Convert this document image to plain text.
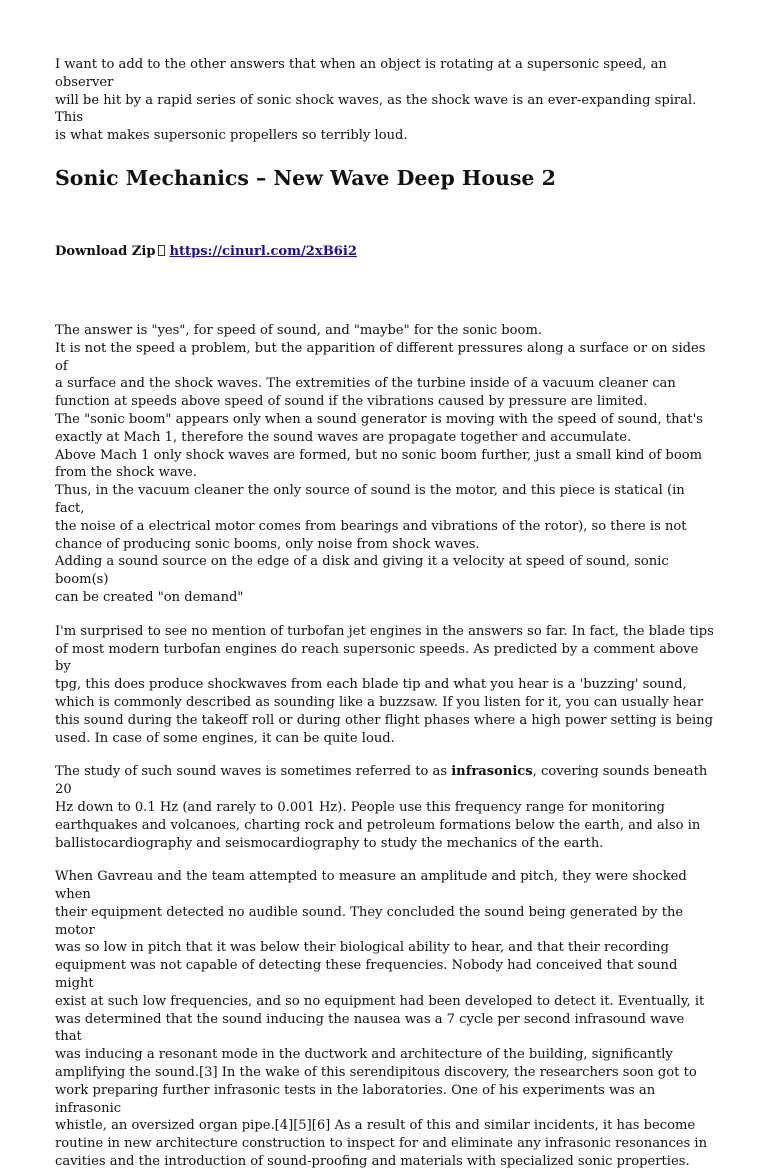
I want to add to the other answers that when an object is rotating at a supersonic speed, an observer
will be hit by a rapid series of sonic shock waves, as the shock wave is an ever-expanding spiral. This
is what makes supersonic propellers so terribly loud.

Sonic Mechanics – New Wave Deep House 2
Download Zip https://cinurl.com/2xB6i2

The answer is "yes", for speed of sound, and "maybe" for the sonic boom.
It is not the speed a problem, but the apparition of different pressures along a surface or on sides of
a surface and the shock waves. The extremities of the turbine inside of a vacuum cleaner can
function at speeds above speed of sound if the vibrations caused by pressure are limited.
The "sonic boom" appears only when a sound generator is moving with the speed of sound, that's
exactly at Mach 1, therefore the sound waves are propagate together and accumulate.
Above Mach 1 only shock waves are formed, but no sonic boom further, just a small kind of boom
from the shock wave.
Thus, in the vacuum cleaner the only source of sound is the motor, and this piece is statical (in fact,
the noise of a electrical motor comes from bearings and vibrations of the rotor), so there is not
chance of producing sonic booms, only noise from shock waves.
Adding a sound source on the edge of a disk and giving it a velocity at speed of sound, sonic boom(s)
can be created "on demand"

I'm surprised to see no mention of turbofan jet engines in the answers so far. In fact, the blade tips
of most modern turbofan engines do reach supersonic speeds. As predicted by a comment above by
tpg, this does produce shockwaves from each blade tip and what you hear is a 'buzzing' sound,
which is commonly described as sounding like a buzzsaw. If you listen for it, you can usually hear
this sound during the takeoff roll or during other flight phases where a high power setting is being
used. In case of some engines, it can be quite loud.

The study of such sound waves is sometimes referred to as infrasonics, covering sounds beneath 20
Hz down to 0.1 Hz (and rarely to 0.001 Hz). People use this frequency range for monitoring
earthquakes and volcanoes, charting rock and petroleum formations below the earth, and also in
ballistocardiography and seismocardiography to study the mechanics of the earth.

When Gavreau and the team attempted to measure an amplitude and pitch, they were shocked when
their equipment detected no audible sound. They concluded the sound being generated by the motor
was so low in pitch that it was below their biological ability to hear, and that their recording
equipment was not capable of detecting these frequencies. Nobody had conceived that sound might
exist at such low frequencies, and so no equipment had been developed to detect it. Eventually, it
was determined that the sound inducing the nausea was a 7 cycle per second infrasound wave that
was inducing a resonant mode in the ductwork and architecture of the building, significantly
amplifying the sound.[3] In the wake of this serendipitous discovery, the researchers soon got to
work preparing further infrasonic tests in the laboratories. One of his experiments was an infrasonic
whistle, an oversized organ pipe.[4][5][6] As a result of this and similar incidents, it has become
routine in new architecture construction to inspect for and eliminate any infrasonic resonances in
cavities and the introduction of sound-proofing and materials with specialized sonic properties.
